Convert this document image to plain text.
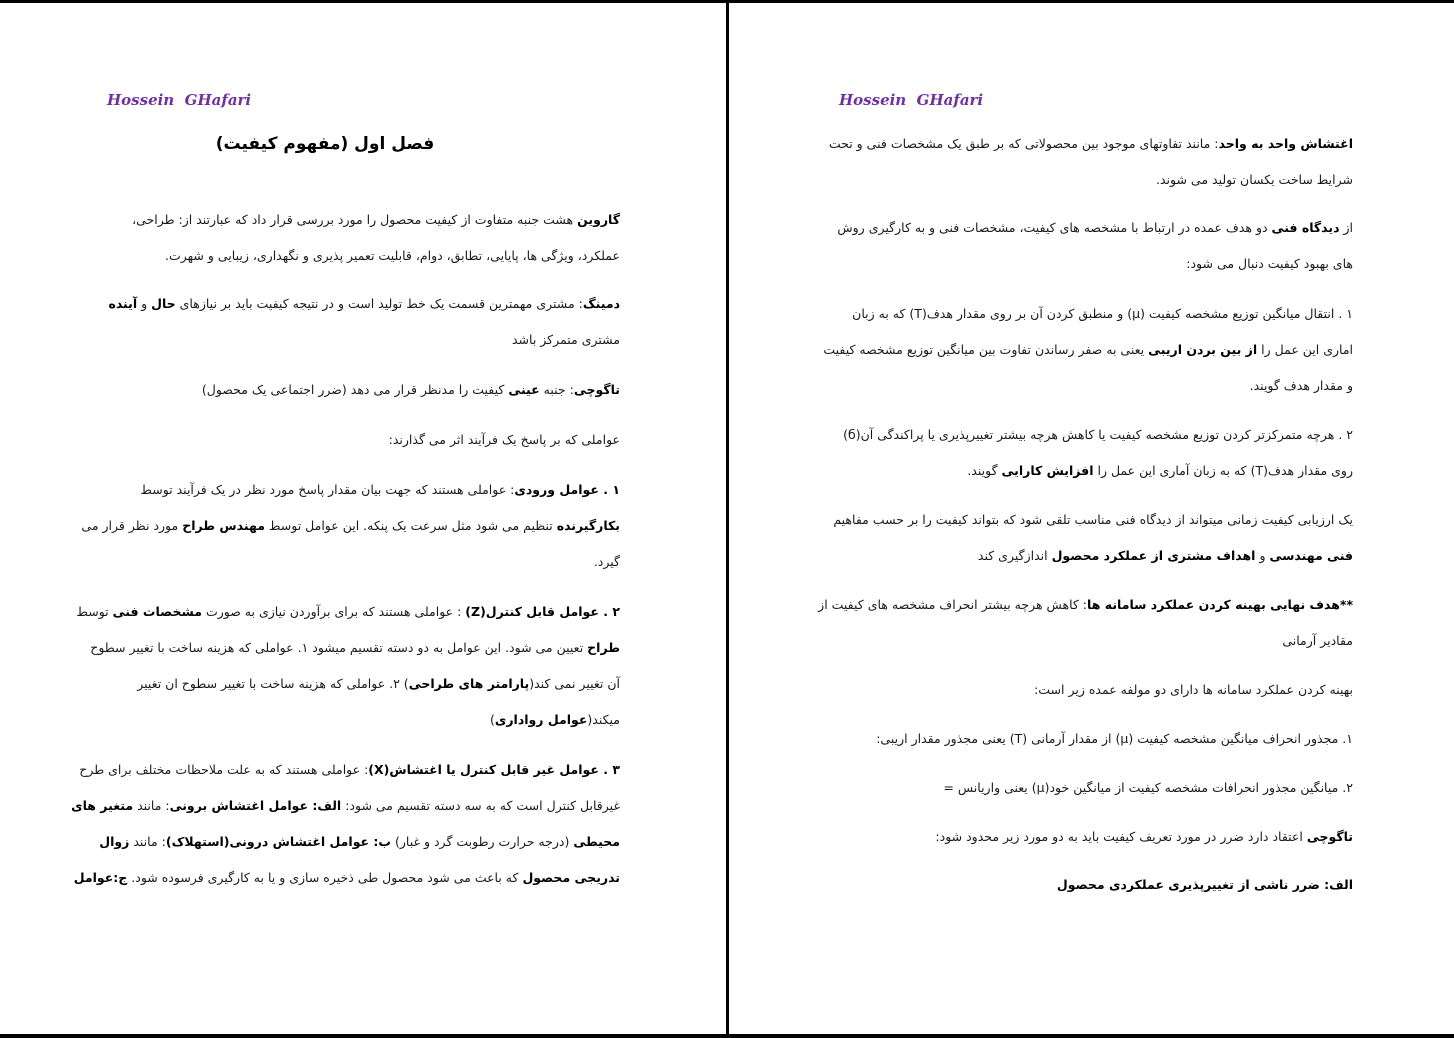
Hossein  GHafari
فصل اول (مفهوم کیفیت)

گاروین هشت جنبه متفاوت از کیفیت محصول را مورد بررسی قرار داد که عبارتند از: طراحی،
عملکرد، ویژگی ها، پایایی، تطابق، دوام، قابلیت تعمیر پذیری و نگهداری، زیبایی و شهرت.

دمینگ: مشتری مهمترین قسمت یک خط تولید است و در نتیجه کیفیت باید بر نیازهای حال و آینده
مشتری متمرکز باشد

تاگوچی: جنبه عینی کیفیت را مدنظر قرار می دهد (ضرر اجتماعی یک محصول)

عواملی که بر پاسخ یک فرآیند اثر می گذارند:

۱ . عوامل ورودی: عواملی هستند که جهت بیان مقدار پاسخ مورد نظر در یک فرآیند توسط
بکارگیرنده تنظیم می شود مثل سرعت یک پنکه. این عوامل توسط مهندس طراح مورد نظر قرار می
گیرد.

۲ . عوامل قابل کنترل(Z) : عواملی هستند که برای برآوردن نیازی به صورت مشخصات فنی توسط
طراح تعیین می شود. این عوامل به دو دسته تقسیم میشود ۱. عواملی که هزینه ساخت با تغییر سطوح
آن تغییر نمی کند(پارامتر های طراحی) ۲. عواملی که هزینه ساخت با تغییر سطوح ان تغییر
میکند(عوامل رواداری)

۳ . عوامل غیر قابل کنترل یا اغتشاش(X): عواملی هستند که به علت ملاحظات مختلف برای طرح
غیرقابل کنترل است که به سه دسته تقسیم می شود: الف: عوامل اغتشاش برونی: مانند متغیر های
محیطی (درجه حرارت رطوبت گرد و غبار) ب: عوامل اغتشاش درونی(استهلاک): مانند زوال
تدریجی محصول که باعث می شود محصول طی ذخیره سازی و یا به کارگیری فرسوده شود. ج:عوامل

Hossein  GHafari

اغتشاش واحد به واحد: مانند تفاوتهای موجود بین محصولاتی که بر طبق یک مشخصات فنی و تحت
شرایط ساخت یکسان تولید می شوند.

از دیدگاه فنی دو هدف عمده در ارتباط با مشخصه های کیفیت، مشخصات فنی و به کارگیری روش
های بهبود کیفیت دنبال می شود:

۱ . انتقال میانگین توزیع مشخصه کیفیت (μ) و منطبق کردن آن بر روی مقدار هدف(T) که به زبان
اماری این عمل را از بین بردن اریبی یعنی به صفر رساندن تفاوت بین میانگین توزیع مشخصه کیفیت
و مقدار هدف گویند.

۲ . هرچه متمرکزتر کردن توزیع مشخصه کیفیت یا کاهش هرچه بیشتر تغییرپذیری یا پراکندگی آن(б)
روی مقدار هدف(T) که به زبان آماری این عمل را افزایش کارایی گویند.

یک ارزیابی کیفیت زمانی میتواند از دیدگاه فنی مناسب تلقی شود که بتواند کیفیت را بر حسب مفاهیم
فنی مهندسی و اهداف مشتری از عملکرد محصول اندازگیری کند

**هدف نهایی بهینه کردن عملکرد سامانه ها: کاهش هرچه بیشتر انحراف مشخصه های کیفیت از
مقادیر آرمانی

بهینه کردن عملکرد سامانه ها دارای دو مولفه عمده زیر است:

۱. مجذور انحراف میانگین مشخصه کیفیت (μ) از مقدار آرمانی (T) یعنی مجذور مقدار اریبی:

۲. میانگین مجذور انحرافات مشخصه کیفیت از میانگین خود(μ) یعنی واریانس =

تاگوچی اعتقاد دارد ضرر در مورد تعریف کیفیت باید به دو مورد زیر محدود شود:

الف: ضرر ناشی از تغییرپذیری عملکردی محصول
